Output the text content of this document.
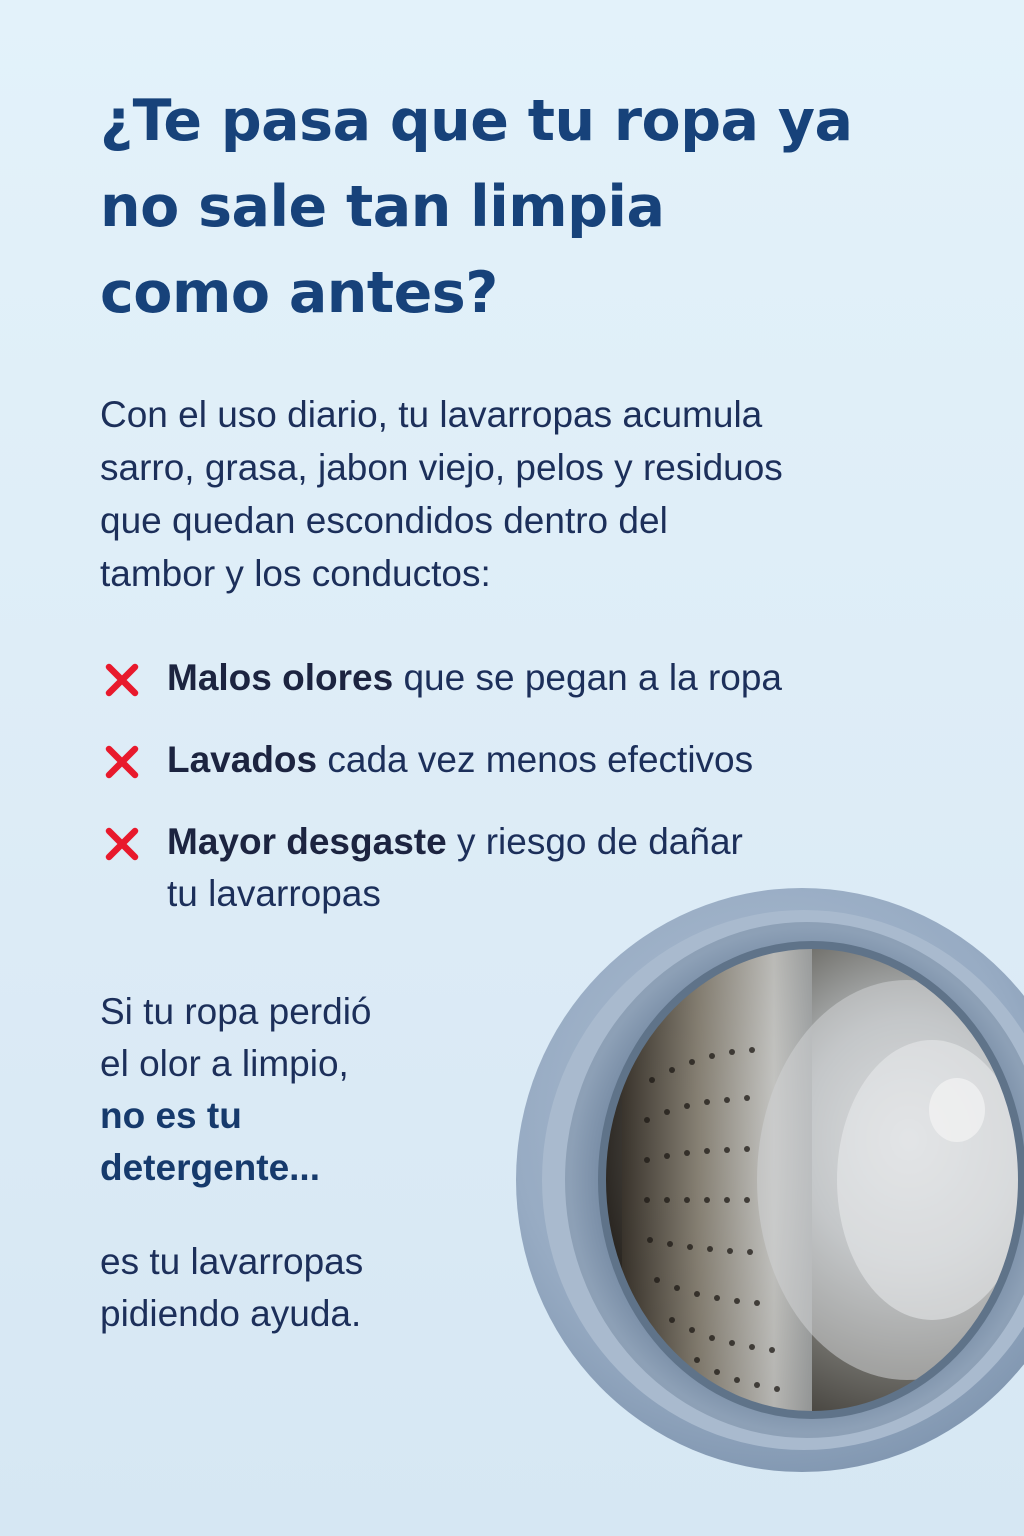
¿Te pasa que tu ropa ya
no sale tan limpia
como antes?

Con el uso diario, tu lavarropas acumula
sarro, grasa, jabon viejo, pelos y residuos
que quedan escondidos dentro del
tambor y los conductos:

Malos olores que se pegan a la ropa
Lavados cada vez menos efectivos
Mayor desgaste y riesgo de dañar
tu lavarropas
Si tu ropa perdió
el olor a limpio,
no es tu
detergente...
es tu lavarropas
pidiendo ayuda.
